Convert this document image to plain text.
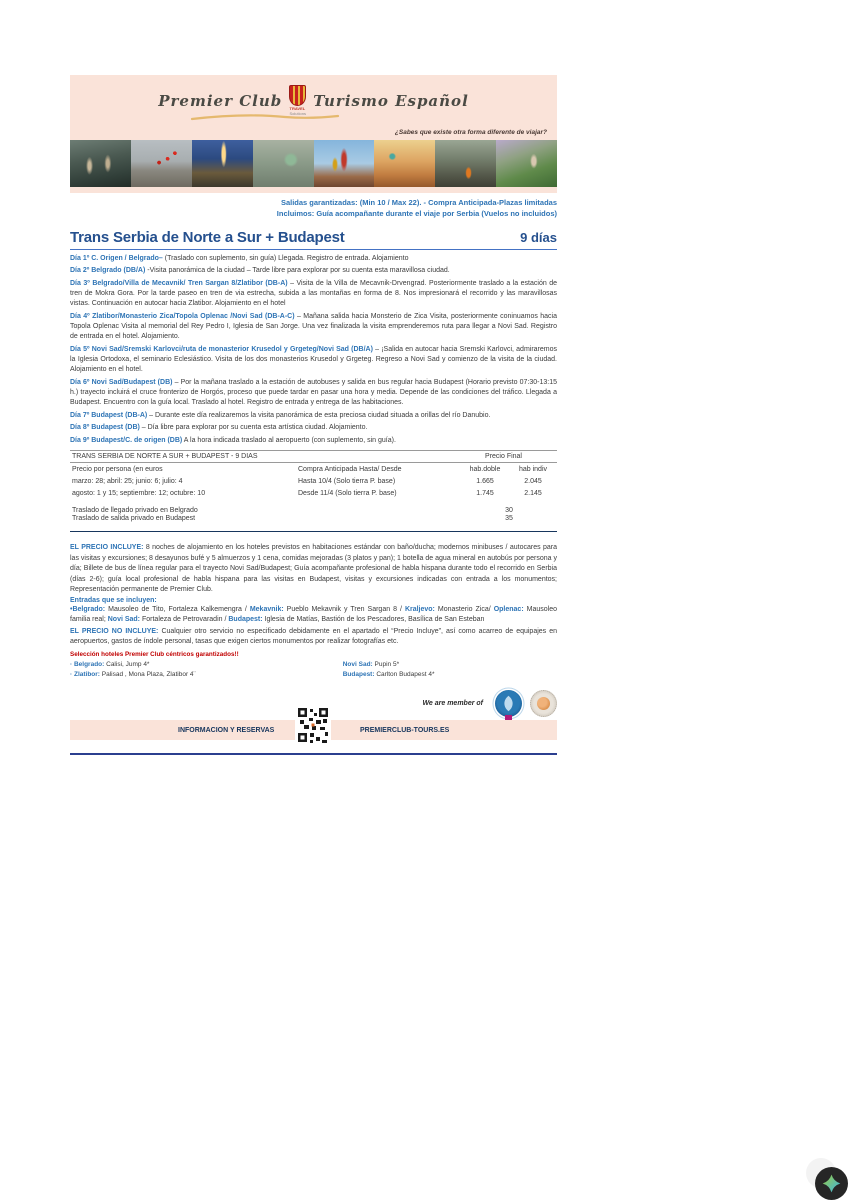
Premier Club TRAVEL
Solutions
Turismo Español
¿Sabes que existe otra forma diferente de viajar?
Salidas garantizadas: (Min 10 / Max 22). - Compra Anticipada-Plazas limitadas
Incluimos: Guía acompañante durante el viaje por Serbia (Vuelos no incluidos)
Trans Serbia de Norte a Sur + Budapest	9 días

Día 1º C. Origen / Belgrado– (Traslado con suplemento, sin guía) Llegada. Registro de entrada. Alojamiento

Día 2º Belgrado (DB/A) -Visita panorámica de la ciudad – Tarde libre para explorar por su cuenta esta maravillosa ciudad.

Día 3º Belgrado/Villa de Mecavnik/ Tren Sargan 8/Zlatibor (DB-A) – Visita de la Villa de Mecavnik-Drvengrad. Posteriormente traslado a la estación de tren de Mokra Gora. Por la tarde paseo en tren de via estrecha, subida a las montañas en forma de 8. Nos impresionará el recorrido y las maravillosas vistas. Continuación en autocar hacia Zlatibor. Alojamiento en el hotel

Día 4º Zlatibor/Monasterio Zica/Topola Oplenac /Novi Sad (DB-A-C) – Mañana salida hacia Monsterio de Zica Visita, posteriormente coninuamos hacia Topola Oplenac Visita al memorial del Rey Pedro I, Iglesia de San Jorge. Una vez finalizada la visita emprenderemos ruta para llegar a Novi Sad. Registro de entrada en el hotel. Alojamiento.

Día 5º Novi Sad/Sremski Karlovci/ruta de monasterior Krusedol y Grgeteg/Novi Sad (DB/A) – ¡Salida en autocar hacia Sremski Karlovci, admiraremos la Iglesia Ortodoxa, el seminario Eclesiástico. Visita de los dos monasterios Krusedol y Grgeteg. Regreso a Novi Sad y comienzo de la visita de la ciudad. Alojamiento en el hotel.

Día 6º Novi Sad/Budapest (DB) – Por la mañana traslado a la estación de autobuses y salida en bus regular hacia Budapest (Horario previsto 07:30-13:15 h.) trayecto incluirá el cruce fronterizo de Horgós, proceso que puede tardar en pasar una hora y media. Depende de las condiciones del tráfico. Llegada a Budapest. Encuentro con la guía local. Traslado al hotel. Registro de entrada y entrega de las habitaciones.

Día 7º Budapest (DB-A) – Durante este día realizaremos la visita panorámica de esta preciosa ciudad situada a orillas del río Danubio.

Día 8º Budapest (DB) – Día libre para explorar por su cuenta esta artística ciudad. Alojamiento.

Día 9º Budapest/C. de origen (DB) A la hora indicada traslado al aeropuerto (con suplemento, sin guía).

TRANS SERBIA DE NORTE A SUR + BUDAPEST - 9 DIAS	Precio Final
Precio por persona (en euros	Compra Anticipada Hasta/ Desde	hab.doble	hab indiv
marzo: 28; abril: 25; junio: 6; julio: 4	Hasta 10/4 (Solo tierra P. base)	1.665	2.045
agosto: 1 y 15; septiembre: 12; octubre: 10	Desde 11/4 (Solo tierra P. base)	1.745	2.145
Traslado de llegado privado en Belgrado	30
Traslado de salida privado en Budapest	35
EL PRECIO INCLUYE: 8 noches de alojamiento en los hoteles previstos en habitaciones estándar con baño/ducha; modernos minibuses / autocares para las visitas y excursiones; 8 desayunos bufé y 5 almuerzos y 1 cena, comidas mejoradas (3 platos y pan); 1 botella de agua mineral en autobús por persona y día; Billete de bus de línea regular para el trayecto Novi Sad/Budapest; Guía acompañante profesional de habla hispana durante todo el recorrido en Serbia (días 2-6); guía local profesional de habla hispana para las visitas en Budapest, visitas y excursiones indicadas con entrada a los monumentos; Representación permanente de Premier Club.
Entradas que se incluyen:
•Belgrado: Mausoleo de Tito, Fortaleza Kalkemengra / Mekavnik: Pueblo Mekavnik y Tren Sargan 8 / Kraljevo: Monasterio Zica/ Oplenac: Mausoleo familia real; Novi Sad: Fortaleza de Petrovaradin / Budapest: Iglesia de Matías, Bastión de los Pescadores, Basílica de San Esteban
EL PRECIO NO INCLUYE: Cualquier otro servicio no especificado debidamente en el apartado el “Precio Incluye”, así como acarreo de equipajes en aeropuertos, gastos de índole personal, tasas que exigen ciertos monumentos por realizar fotografías etc.
Selección hoteles Premier Club céntricos garantizados!!
· Belgrado: Calisi, Jump 4*
· Zlatibor: Palisad , Mona Plaza, Zlatibor 4¨
Novi Sad: Pupin 5*
Budapest: Carlton Budapest 4*
We are member of
INFORMACION Y RESERVAS	PREMIERCLUB-TOURS.ES
